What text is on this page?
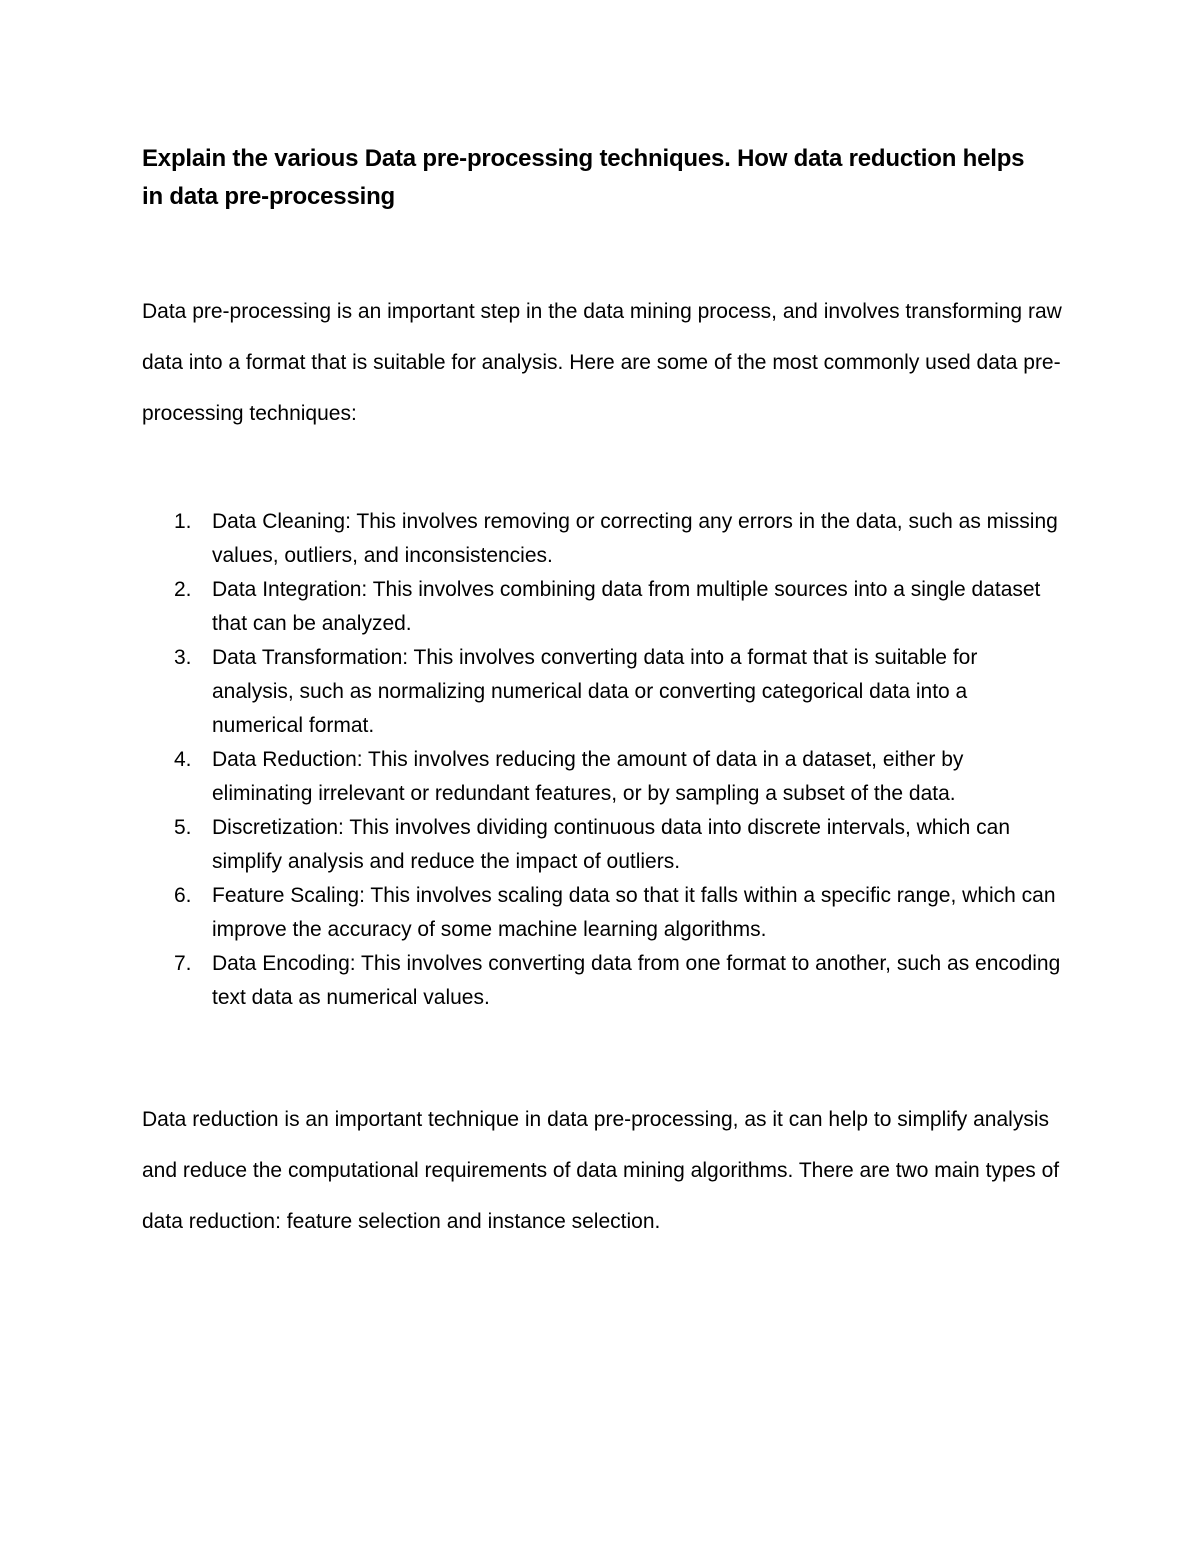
Explain the various Data pre-processing techniques. How data reduction helps in data pre-processing

Data pre-processing is an important step in the data mining process, and involves transforming raw data into a format that is suitable for analysis. Here are some of the most commonly used data pre-processing techniques:

1. Data Cleaning: This involves removing or correcting any errors in the data, such as missing values, outliers, and inconsistencies.
2. Data Integration: This involves combining data from multiple sources into a single dataset that can be analyzed.
3. Data Transformation: This involves converting data into a format that is suitable for analysis, such as normalizing numerical data or converting categorical data into a numerical format.
4. Data Reduction: This involves reducing the amount of data in a dataset, either by eliminating irrelevant or redundant features, or by sampling a subset of the data.
5. Discretization: This involves dividing continuous data into discrete intervals, which can simplify analysis and reduce the impact of outliers.
6. Feature Scaling: This involves scaling data so that it falls within a specific range, which can improve the accuracy of some machine learning algorithms.
7. Data Encoding: This involves converting data from one format to another, such as encoding text data as numerical values.

Data reduction is an important technique in data pre-processing, as it can help to simplify analysis and reduce the computational requirements of data mining algorithms. There are two main types of data reduction: feature selection and instance selection.
